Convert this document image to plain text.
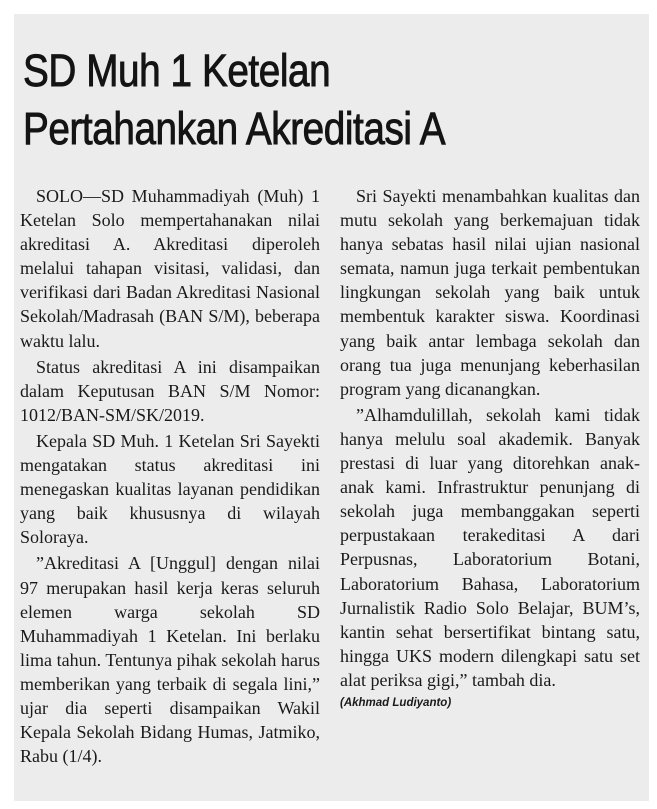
SD Muh 1 Ketelan
Pertahankan Akreditasi A

SOLO—SD Muhammadiyah (Muh) 1 Ketelan Solo mempertahanakan nilai akreditasi A. Akreditasi diperoleh melalui tahapan visitasi, validasi, dan verifikasi dari Badan Akreditasi Nasional Sekolah/Madrasah (BAN S/M), beberapa waktu lalu.

Status akreditasi A ini disampaikan dalam Keputusan BAN S/M Nomor: 1012/BAN-SM/SK/2019.

Kepala SD Muh. 1 Ketelan Sri Sayekti mengatakan status akreditasi ini menegaskan kualitas layanan pendidikan yang baik khususnya di wilayah Soloraya.

”Akreditasi A [Unggul] dengan nilai 97 merupakan hasil kerja keras seluruh elemen warga sekolah SD Muhammadiyah 1 Ketelan. Ini berlaku lima tahun. Tentunya pihak sekolah harus memberikan yang terbaik di segala lini,” ujar dia seperti disampaikan Wakil Kepala Sekolah Bidang Humas, Jatmiko, Rabu (1/4).

Sri Sayekti menambahkan kualitas dan mutu sekolah yang berkemajuan tidak hanya sebatas hasil nilai ujian nasional semata, namun juga terkait pembentukan lingkungan sekolah yang baik untuk membentuk karakter siswa. Koordinasi yang baik antar lembaga sekolah dan orang tua juga menunjang keberhasilan program yang dicanangkan.

”Alhamdulillah, sekolah kami tidak hanya melulu soal akademik. Banyak prestasi di luar yang ditorehkan anak-anak kami. Infrastruktur penunjang di sekolah juga membanggakan seperti perpustakaan terakeditasi A dari Perpusnas, Laboratorium Botani, Laboratorium Bahasa, Laboratorium Jurnalistik Radio Solo Belajar, BUM’s, kantin sehat bersertifikat bintang satu, hingga UKS modern dilengkapi satu set alat periksa gigi,” tambah dia.

(Akhmad Ludiyanto)
